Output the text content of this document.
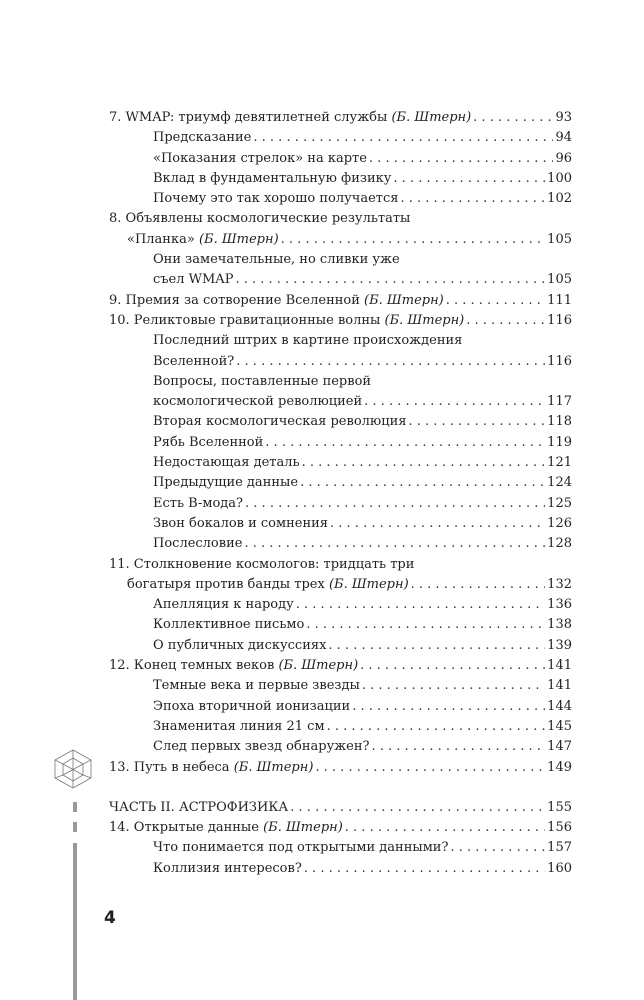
7. WMAP: триумф девятилетней службы (Б. Штерн) . . .	93
Предсказание . . .	94
«Показания стрелок» на карте . . .	96
Вклад в фундаментальную физику . . .	100
Почему это так хорошо получается . . .	102
8. Объявлены космологические результаты
«Планка» (Б. Штерн) . . .	105
Они замечательные, но сливки уже
съел WMAP . . .	105
9. Премия за сотворение Вселенной (Б. Штерн) . . .	111
10. Реликтовые гравитационные волны (Б. Штерн) . . .	116
Последний штрих в картине происхождения
Вселенной? . . .	116
Вопросы, поставленные первой
космологической революцией . . .	117
Вторая космологическая революция . . .	118
Рябь Вселенной . . .	119
Недостающая деталь . . .	121
Предыдущие данные . . .	124
Есть B-мода? . . .	125
Звон бокалов и сомнения . . .	126
Послесловие . . .	128
11. Столкновение космологов: тридцать три
богатыря против банды трех (Б. Штерн) . . .	132
Апелляция к народу . . .	136
Коллективное письмо . . .	138
О публичных дискуссиях . . .	139
12. Конец темных веков (Б. Штерн) . . .	141
Темные века и первые звезды . . .	141
Эпоха вторичной ионизации . . .	144
Знаменитая линия 21 см . . .	145
След первых звезд обнаружен? . . .	147
13. Путь в небеса (Б. Штерн) . . .	149
ЧАСТЬ II. АСТРОФИЗИКА . . .	155
14. Открытые данные (Б. Штерн) . . .	156
Что понимается под открытыми данными? . . .	157
Коллизия интересов? . . .	160
4
